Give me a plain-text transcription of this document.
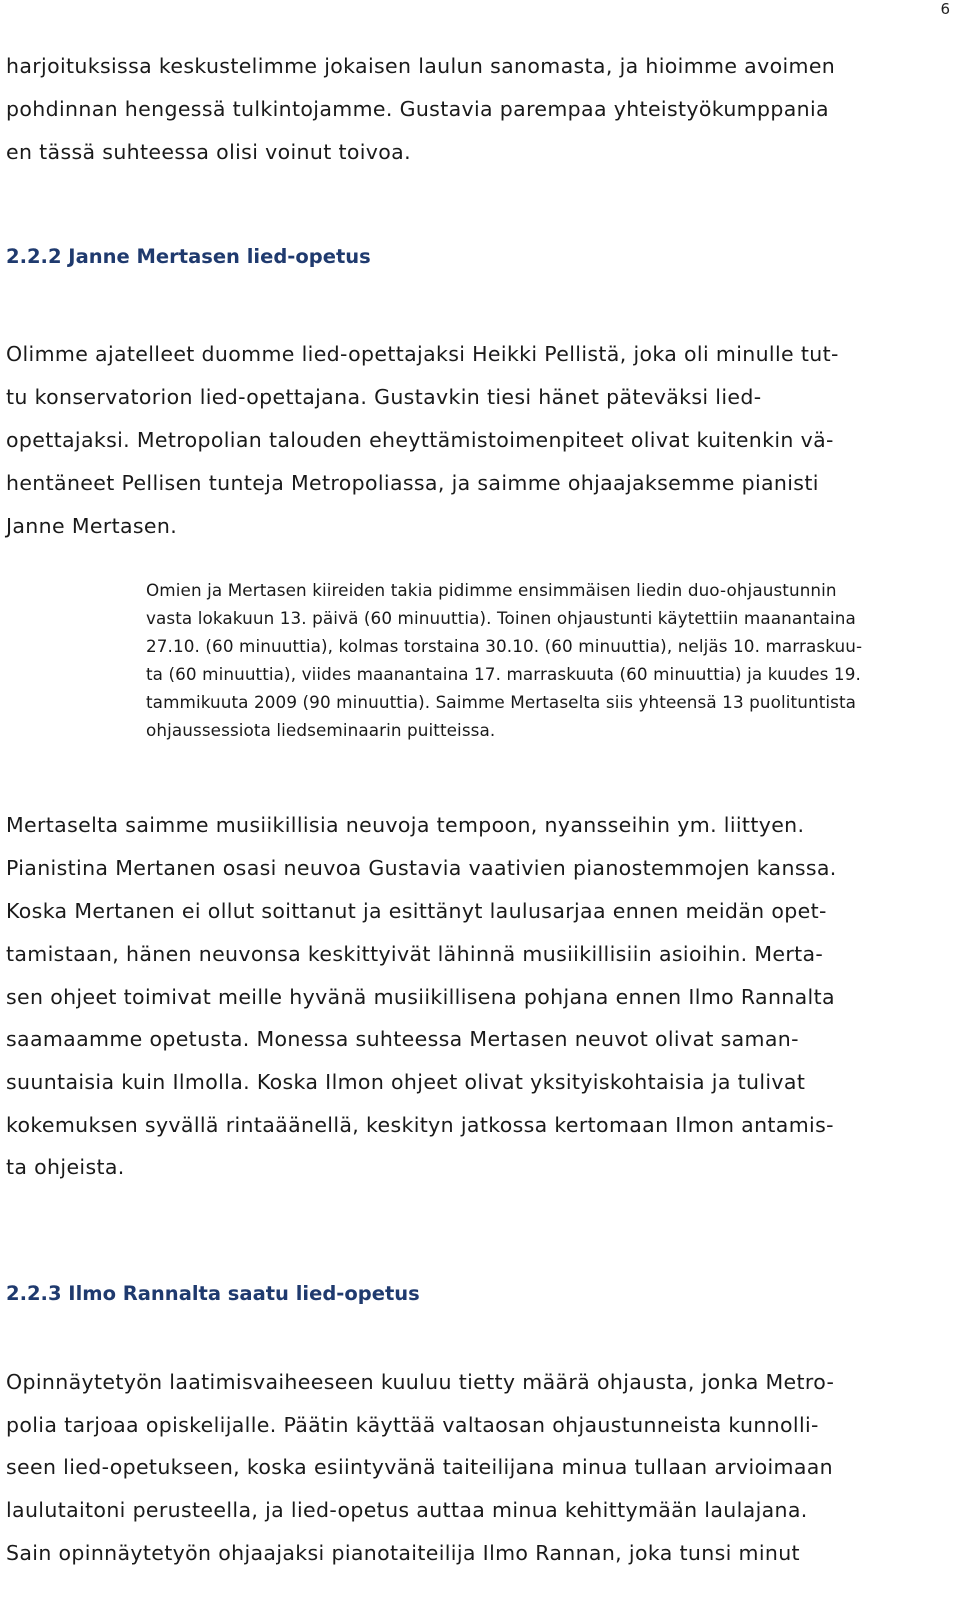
6
harjoituksissa keskustelimme jokaisen laulun sanomasta, ja hioimme avoimen
pohdinnan hengessä tulkintojamme. Gustavia parempaa yhteistyökumppania
en tässä suhteessa olisi voinut toivoa.
2.2.2 Janne Mertasen lied-opetus
Olimme ajatelleet duomme lied-opettajaksi Heikki Pellistä, joka oli minulle tut-
tu konservatorion lied-opettajana. Gustavkin tiesi hänet päteväksi lied-
opettajaksi. Metropolian talouden eheyttämistoimenpiteet olivat kuitenkin vä-
hentäneet Pellisen tunteja Metropoliassa, ja saimme ohjaajaksemme pianisti
Janne Mertasen.
Omien ja Mertasen kiireiden takia pidimme ensimmäisen liedin duo-ohjaustunnin
vasta lokakuun 13. päivä (60 minuuttia). Toinen ohjaustunti käytettiin maanantaina
27.10. (60 minuuttia), kolmas torstaina 30.10. (60 minuuttia), neljäs 10. marraskuu-
ta (60 minuuttia), viides maanantaina 17. marraskuuta (60 minuuttia) ja kuudes 19.
tammikuuta 2009 (90 minuuttia). Saimme Mertaselta siis yhteensä 13 puolituntista
ohjaussessiota liedseminaarin puitteissa.
Mertaselta saimme musiikillisia neuvoja tempoon, nyansseihin ym. liittyen.
Pianistina Mertanen osasi neuvoa Gustavia vaativien pianostemmojen kanssa.
Koska Mertanen ei ollut soittanut ja esittänyt laulusarjaa ennen meidän opet-
tamistaan, hänen neuvonsa keskittyivät lähinnä musiikillisiin asioihin. Merta-
sen ohjeet toimivat meille hyvänä musiikillisena pohjana ennen Ilmo Rannalta
saamaamme opetusta. Monessa suhteessa Mertasen neuvot olivat saman-
suuntaisia kuin Ilmolla. Koska Ilmon ohjeet olivat yksityiskohtaisia ja tulivat
kokemuksen syvällä rintaäänellä, keskityn jatkossa kertomaan Ilmon antamis-
ta ohjeista.
2.2.3 Ilmo Rannalta saatu lied-opetus
Opinnäytetyön laatimisvaiheeseen kuuluu tietty määrä ohjausta, jonka Metro-
polia tarjoaa opiskelijalle. Päätin käyttää valtaosan ohjaustunneista kunnolli-
seen lied-opetukseen, koska esiintyvänä taiteilijana minua tullaan arvioimaan
laulutaitoni perusteella, ja lied-opetus auttaa minua kehittymään laulajana.
Sain opinnäytetyön ohjaajaksi pianotaiteilija Ilmo Rannan, joka tunsi minut
